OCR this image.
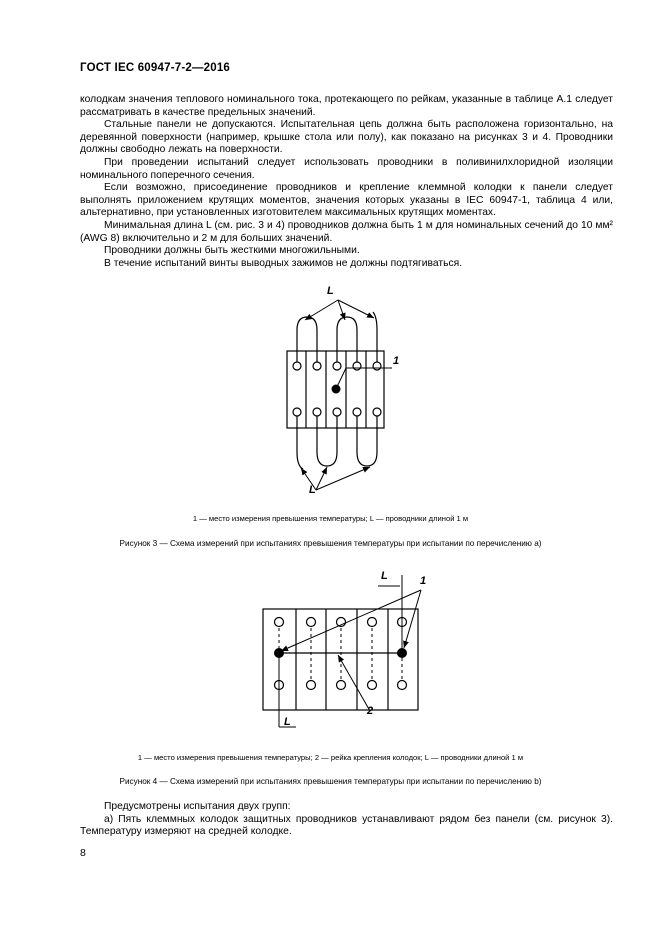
ГОСТ IEC 60947-7-2—2016

колодкам значения теплового номинального тока, протекающего по рейкам, указанные в таблице А.1 следует рассматривать в качестве предельных значений.

Стальные панели не допускаются. Испытательная цепь должна быть расположена горизонтально, на деревянной поверхности (например, крышке стола или полу), как показано на рисунках 3 и 4. Проводники должны свободно лежать на поверхности.

При проведении испытаний следует использовать проводники в поливинилхлоридной изоляции номинального поперечного сечения.

Если возможно, присоединение проводников и крепление клеммной колодки к панели следует выполнять приложением крутящих моментов, значения которых указаны в IEC 60947-1, таблица 4 или, альтернативно, при установленных изготовителем максимальных крутящих моментах.

Минимальная длина L (см. рис. 3 и 4) проводников должна быть 1 м для номинальных сечений до 10 мм² (AWG 8) включительно и 2 м для больших значений.

Проводники должны быть жесткими многожильными.

В течение испытаний винты выводных зажимов не должны подтягиваться.

L
1
L
L	1
2
L
1 — место измерения превышения температуры; L — проводники длиной 1 м
Рисунок 3 — Схема измерений при испытаниях превышения температуры при испытании по перечислению а)
1 — место измерения превышения температуры; 2 — рейка крепления колодок; L — проводники длиной 1 м
Рисунок 4 — Схема измерений при испытаниях превышения температуры при испытании по перечислению b)

Предусмотрены испытания двух групп:

а) Пять клеммных колодок защитных проводников устанавливают рядом без панели (см. рисунок 3). Температуру измеряют на средней колодке.

8
